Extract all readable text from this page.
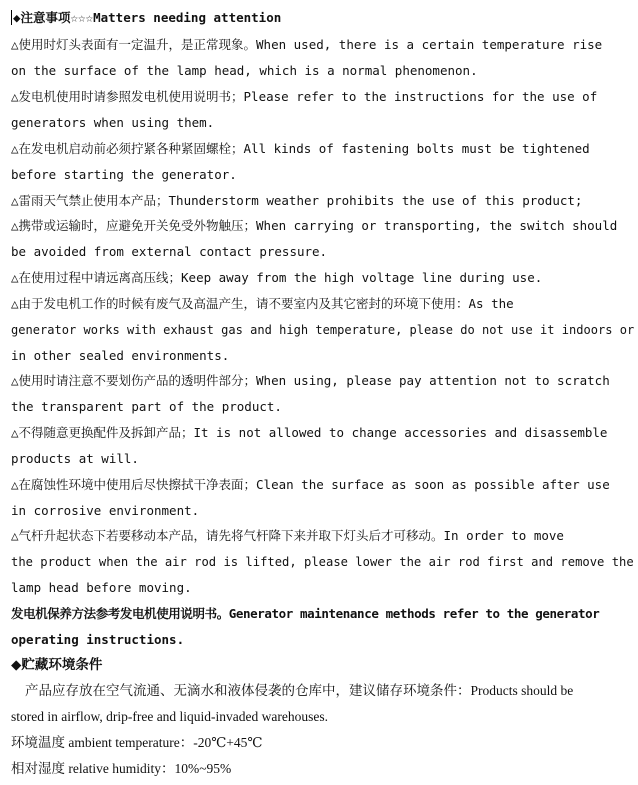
◆注意事项☆☆☆Matters needing attention
△使用时灯头表面有一定温升，是正常现象。When used, there is a certain temperature rise
on the surface of the lamp head, which is a normal phenomenon.
△发电机使用时请参照发电机使用说明书；Please refer to the instructions for the use of
generators when using them.
△在发电机启动前必须拧紧各种紧固螺栓；All kinds of fastening bolts must be tightened
before starting the generator.
△雷雨天气禁止使用本产品；Thunderstorm weather prohibits the use of this product;
△携带或运输时，应避免开关免受外物触压；When carrying or transporting, the switch should
be avoided from external contact pressure.
△在使用过程中请远离高压线；Keep away from the high voltage line during use.
△由于发电机工作的时候有废气及高温产生，请不要室内及其它密封的环境下使用：As the
generator works with exhaust gas and high temperature, please do not use it indoors or
in other sealed environments.
△使用时请注意不要划伤产品的透明件部分；When using, please pay attention not to scratch
the transparent part of the product.
△不得随意更换配件及拆卸产品；It is not allowed to change accessories and disassemble
products at will.
△在腐蚀性环境中使用后尽快擦拭干净表面；Clean the surface as soon as possible after use
in corrosive environment.
△气杆升起状态下若要移动本产品，请先将气杆降下来并取下灯头后才可移动。In order to move
the product when the air rod is lifted, please lower the air rod first and remove the
lamp head before moving.
发电机保养方法参考发电机使用说明书。Generator maintenance methods refer to the generator
operating instructions.
◆贮藏环境条件
产品应存放在空气流通、无滴水和液体侵袭的仓库中，建议储存环境条件：Products should be
stored in airflow, drip-free and liquid-invaded warehouses.
环境温度 ambient temperature：-20℃+45℃
相对湿度 relative humidity：10%~95%
